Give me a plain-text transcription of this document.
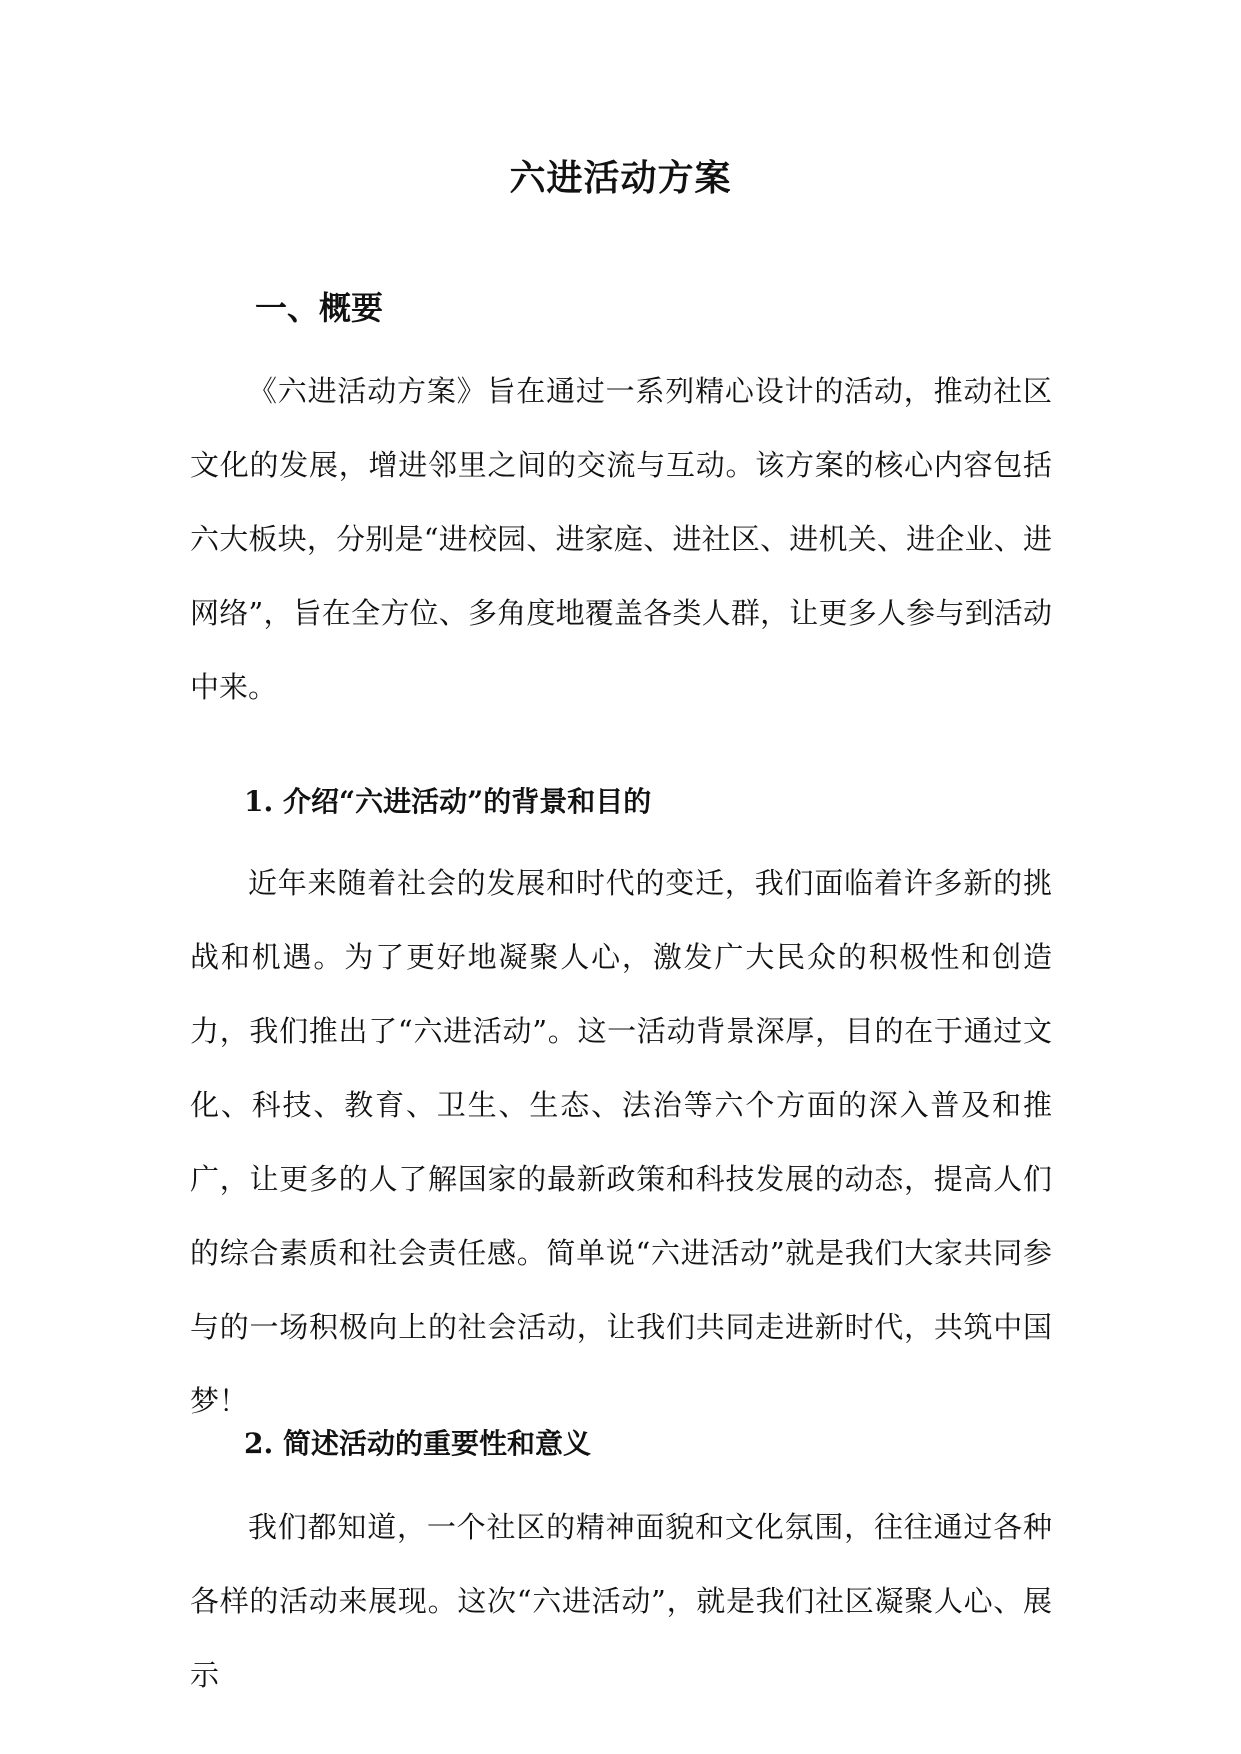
六进活动方案
一、概要

《六进活动方案》旨在通过一系列精心设计的活动，推动社区文化的发展，增进邻里之间的交流与互动。该方案的核心内容包括六大板块，分别是“进校园、进家庭、进社区、进机关、进企业、进网络”，旨在全方位、多角度地覆盖各类人群，让更多人参与到活动中来。

1. 介绍“六进活动”的背景和目的

近年来随着社会的发展和时代的变迁，我们面临着许多新的挑战和机遇。为了更好地凝聚人心，激发广大民众的积极性和创造力，我们推出了“六进活动”。这一活动背景深厚，目的在于通过文化、科技、教育、卫生、生态、法治等六个方面的深入普及和推广，让更多的人了解国家的最新政策和科技发展的动态，提高人们的综合素质和社会责任感。简单说“六进活动”就是我们大家共同参与的一场积极向上的社会活动，让我们共同走进新时代，共筑中国梦！

2. 简述活动的重要性和意义

我们都知道，一个社区的精神面貌和文化氛围，往往通过各种各样的活动来展现。这次“六进活动”，就是我们社区凝聚人心、展示
